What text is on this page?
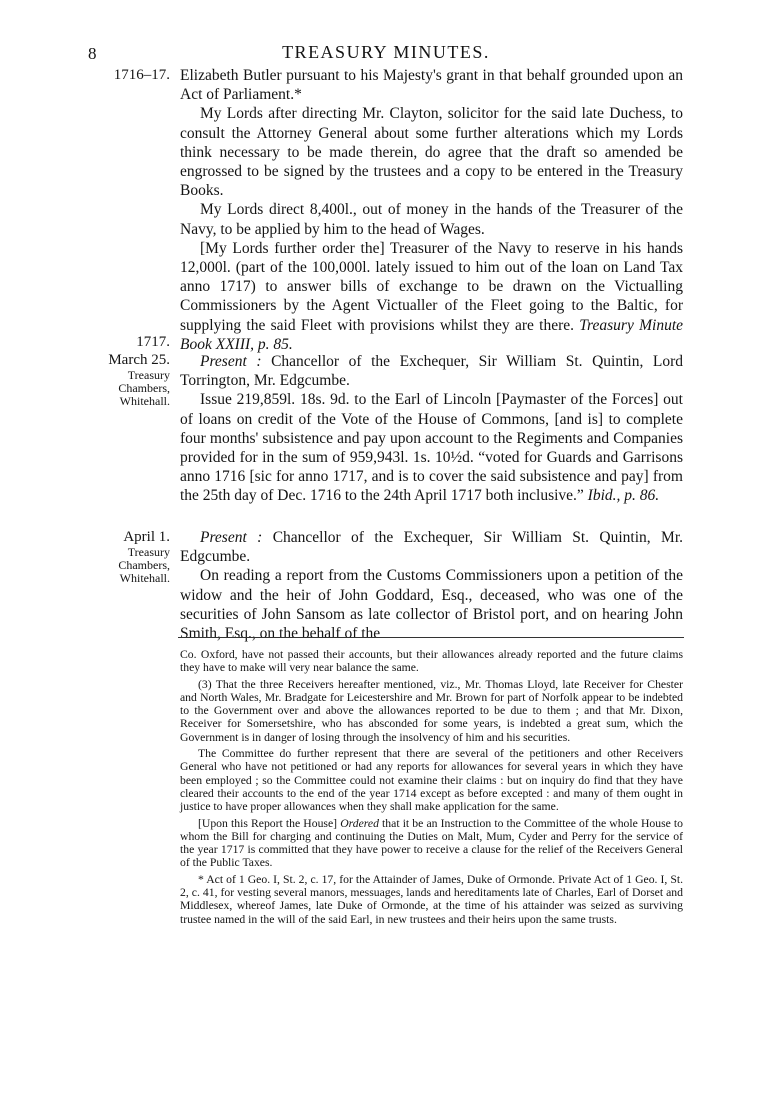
8	TREASURY MINUTES.
1716–17.
1717.
March 25.
Treasury
Chambers,
Whitehall.
April 1.
Treasury
Chambers,
Whitehall.

Elizabeth Butler pursuant to his Majesty's grant in that behalf grounded upon an Act of Parliament.*

My Lords after directing Mr. Clayton, solicitor for the said late Duchess, to consult the Attorney General about some further alterations which my Lords think necessary to be made therein, do agree that the draft so amended be engrossed to be signed by the trustees and a copy to be entered in the Treasury Books.

My Lords direct 8,400l., out of money in the hands of the Treasurer of the Navy, to be applied by him to the head of Wages.

[My Lords further order the] Treasurer of the Navy to reserve in his hands 12,000l. (part of the 100,000l. lately issued to him out of the loan on Land Tax anno 1717) to answer bills of exchange to be drawn on the Victualling Commissioners by the Agent Victualler of the Fleet going to the Baltic, for supplying the said Fleet with provisions whilst they are there. Treasury Minute Book XXIII, p. 85.

Present : Chancellor of the Exchequer, Sir William St. Quintin, Lord Torrington, Mr. Edgcumbe.

Issue 219,859l. 18s. 9d. to the Earl of Lincoln [Paymaster of the Forces] out of loans on credit of the Vote of the House of Commons, [and is] to complete four months' subsistence and pay upon account to the Regiments and Companies provided for in the sum of 959,943l. 1s. 10½d. “voted for Guards and Garrisons anno 1716 [sic for anno 1717, and is to cover the said subsistence and pay] from the 25th day of Dec. 1716 to the 24th April 1717 both inclusive.” Ibid., p. 86.

Present : Chancellor of the Exchequer, Sir William St. Quintin, Mr. Edgcumbe.

On reading a report from the Customs Commissioners upon a petition of the widow and the heir of John Goddard, Esq., deceased, who was one of the securities of John Sansom as late collector of Bristol port, and on hearing John Smith, Esq., on the behalf of the

Co. Oxford, have not passed their accounts, but their allowances already reported and the future claims they have to make will very near balance the same.

(3) That the three Receivers hereafter mentioned, viz., Mr. Thomas Lloyd, late Receiver for Chester and North Wales, Mr. Bradgate for Leicestershire and Mr. Brown for part of Norfolk appear to be indebted to the Government over and above the allowances reported to be due to them ; and that Mr. Dixon, Receiver for Somersetshire, who has absconded for some years, is indebted a great sum, which the Government is in danger of losing through the insolvency of him and his securities.

The Committee do further represent that there are several of the petitioners and other Receivers General who have not petitioned or had any reports for allowances for several years in which they have been employed ; so the Committee could not examine their claims : but on inquiry do find that they have cleared their accounts to the end of the year 1714 except as before excepted : and many of them ought in justice to have proper allowances when they shall make application for the same.

[Upon this Report the House] Ordered that it be an Instruction to the Committee of the whole House to whom the Bill for charging and continuing the Duties on Malt, Mum, Cyder and Perry for the service of the year 1717 is committed that they have power to receive a clause for the relief of the Receivers General of the Public Taxes.

* Act of 1 Geo. I, St. 2, c. 17, for the Attainder of James, Duke of Ormonde. Private Act of 1 Geo. I, St. 2, c. 41, for vesting several manors, messuages, lands and hereditaments late of Charles, Earl of Dorset and Middlesex, whereof James, late Duke of Ormonde, at the time of his attainder was seized as surviving trustee named in the will of the said Earl, in new trustees and their heirs upon the same trusts.
